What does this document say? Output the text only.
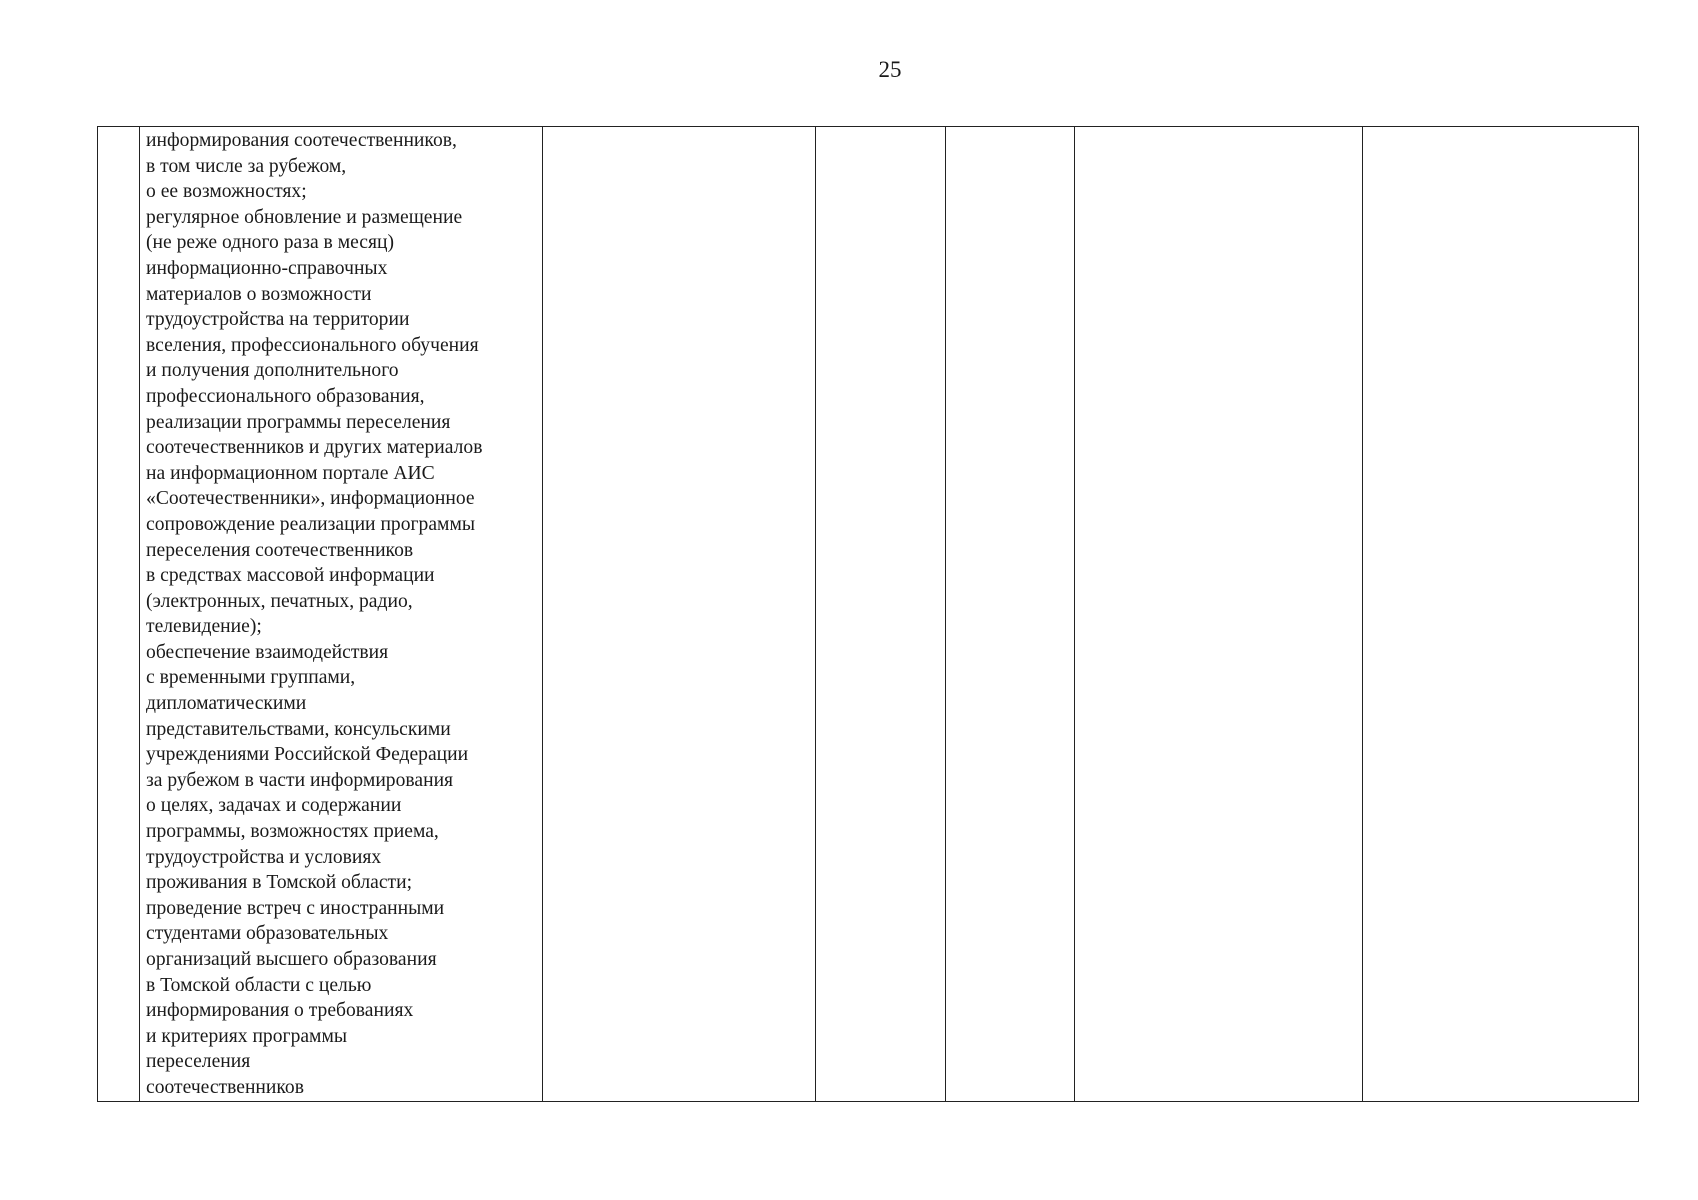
25

информирования соотечественников,
в том числе за рубежом,
о ее возможностях;
регулярное обновление и размещение
(не реже одного раза в месяц)
информационно-справочных
материалов о возможности
трудоустройства на территории
вселения, профессионального обучения
и получения дополнительного
профессионального образования,
реализации программы переселения
соотечественников и других материалов
на информационном портале АИС
«Соотечественники», информационное
сопровождение реализации программы
переселения соотечественников
в средствах массовой информации
(электронных, печатных, радио,
телевидение);
обеспечение взаимодействия
с временными группами,
дипломатическими
представительствами, консульскими
учреждениями Российской Федерации
за рубежом в части информирования
о целях, задачах и содержании
программы, возможностях приема,
трудоустройства и условиях
проживания в Томской области;
проведение встреч с иностранными
студентами образовательных
организаций высшего образования
в Томской области с целью
информирования о требованиях
и критериях программы
переселения
соотечественников
